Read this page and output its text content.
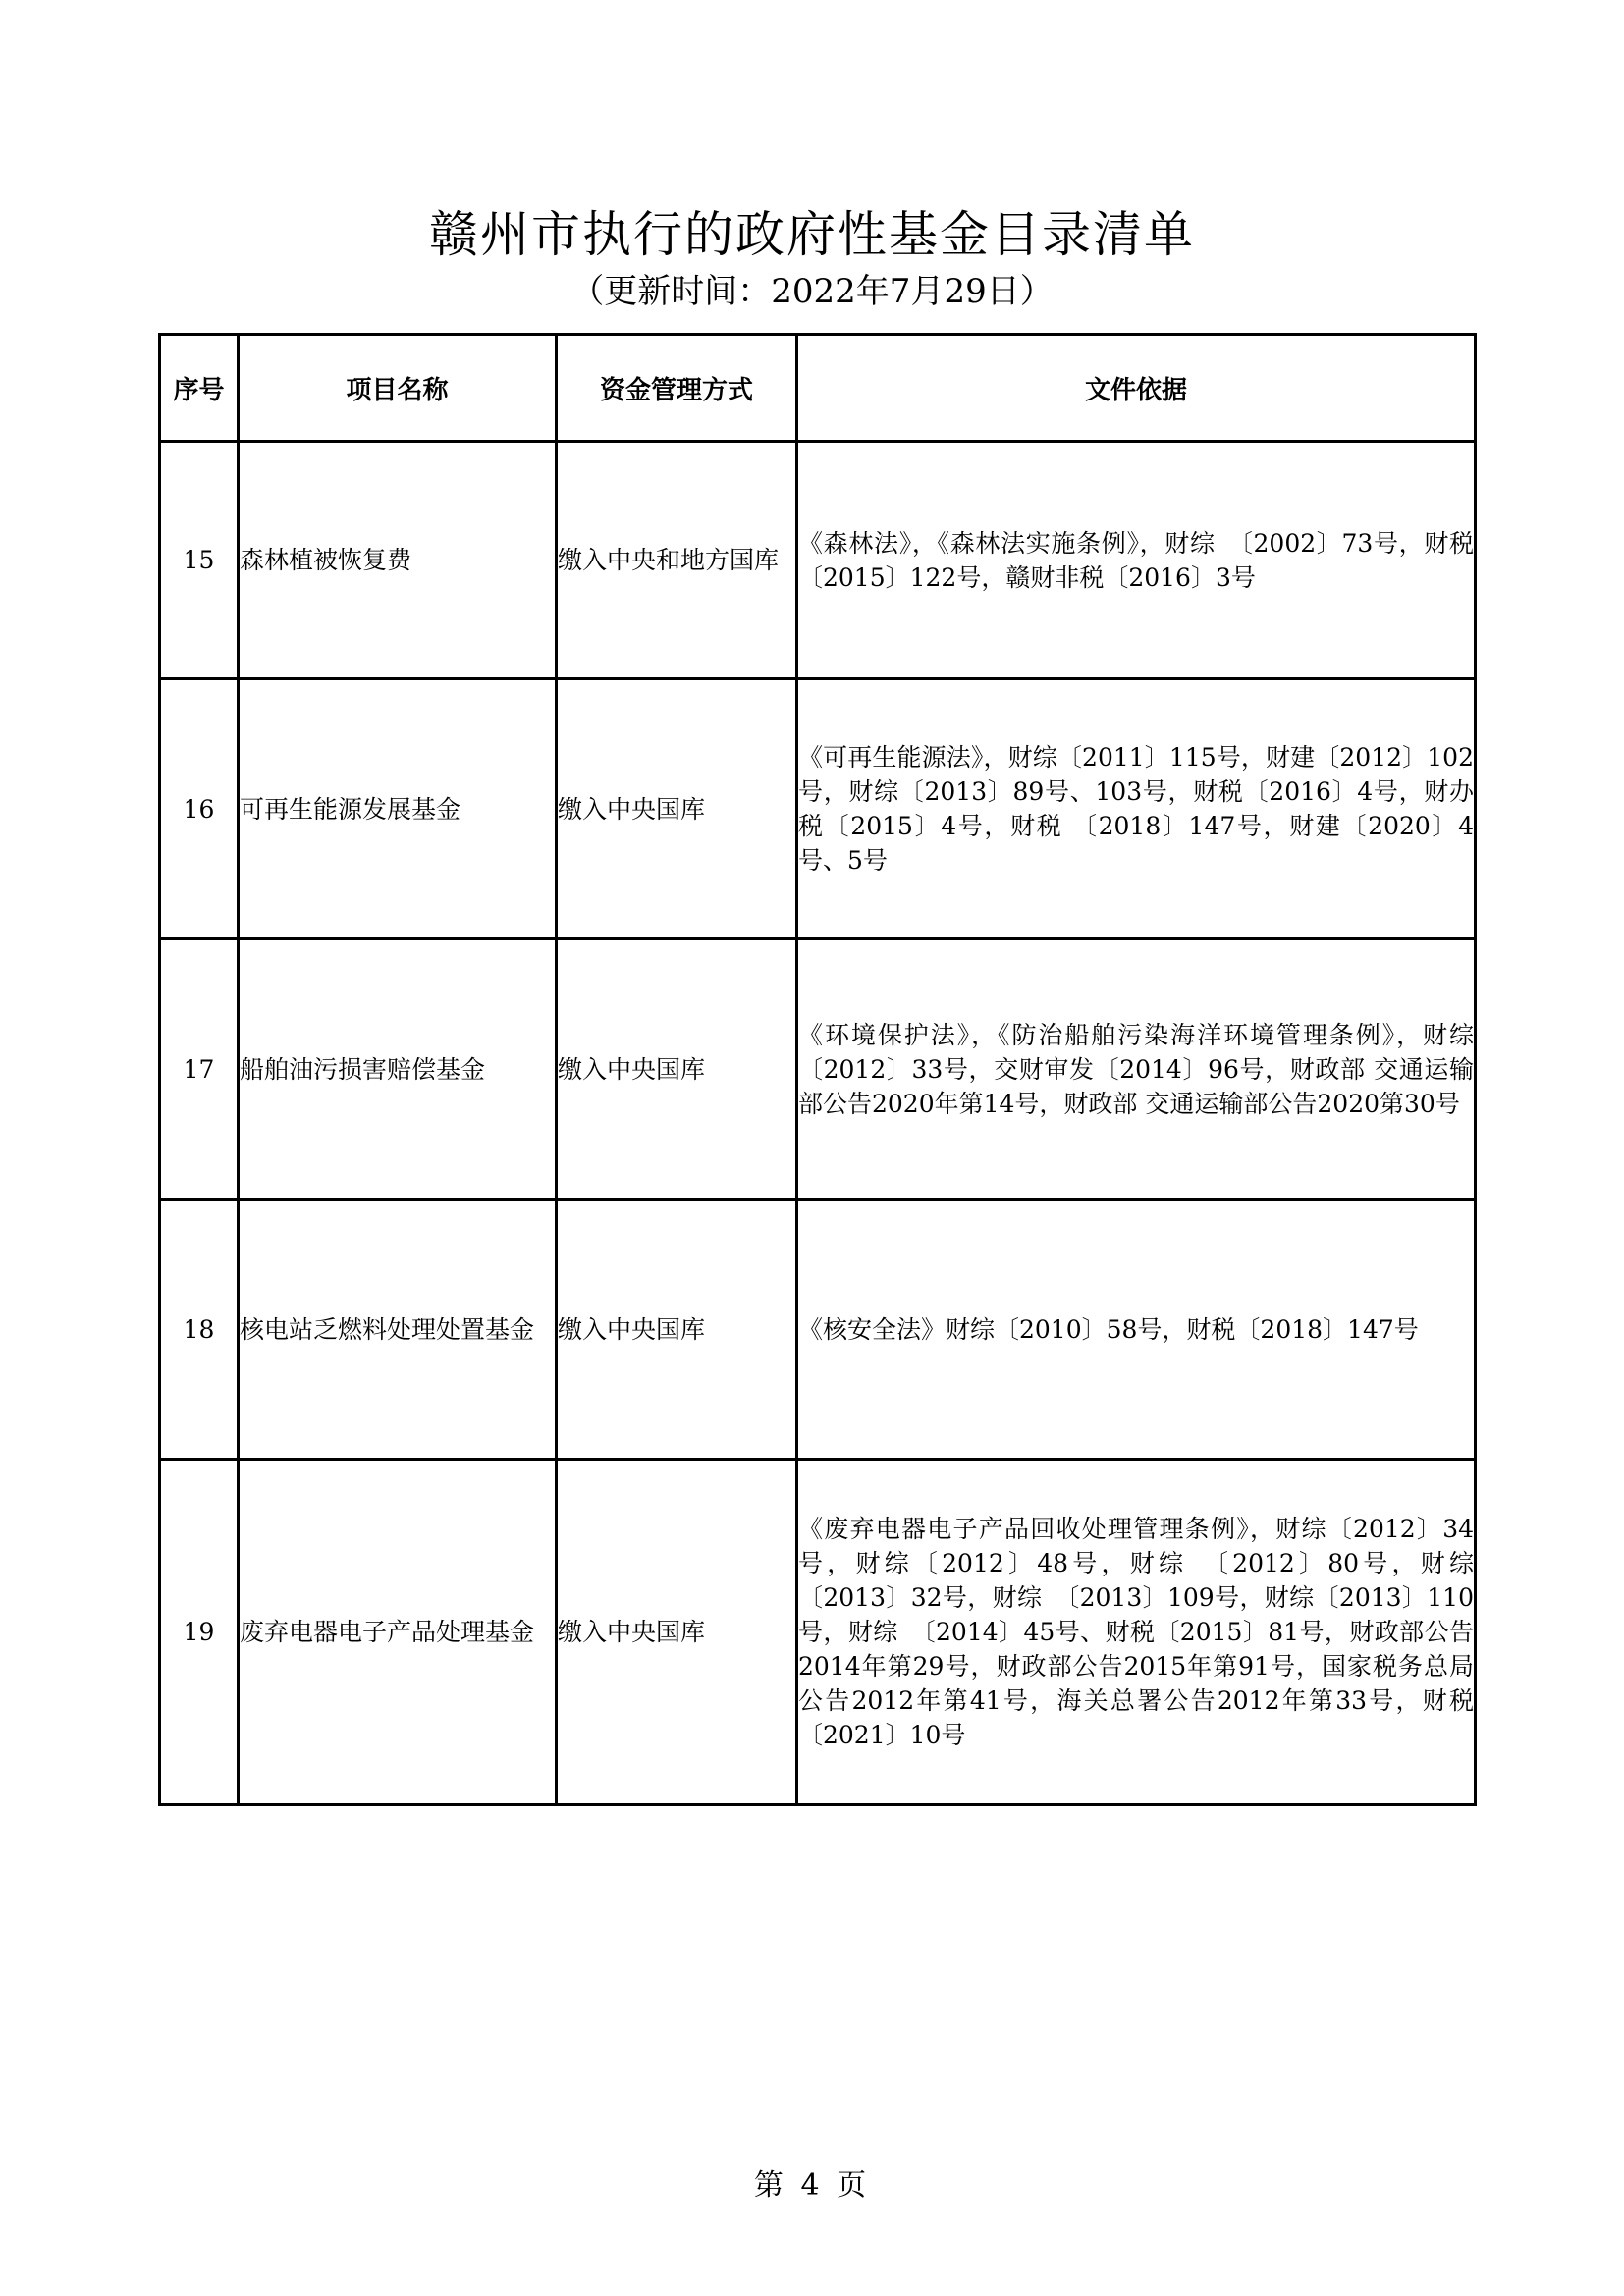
赣州市执行的政府性基金目录清单
（更新时间：2022年7月29日）
序号	项目名称	资金管理方式	文件依据
15	森林植被恢复费	缴入中央和地方国库	《森林法》，《森林法实施条例》，财综　〔2002〕73号，财税〔2015〕122号，赣财非税〔2016〕3号
16	可再生能源发展基金	缴入中央国库	《可再生能源法》，财综〔2011〕115号，财建〔2012〕102号，财综〔2013〕89号、103号，财税〔2016〕4号，财办税〔2015〕4号，财税 〔2018〕147号，财建〔2020〕4号、5号
17	船舶油污损害赔偿基金	缴入中央国库	《环境保护法》，《防治船舶污染海洋环境管理条例》，财综〔2012〕33号，交财审发〔2014〕96号，财政部 交通运输部公告2020年第14号，财政部 交通运输部公告2020第30号
18	核电站乏燃料处理处置基金	缴入中央国库	《核安全法》财综〔2010〕58号，财税〔2018〕147号
19	废弃电器电子产品处理基金	缴入中央国库	《废弃电器电子产品回收处理管理条例》，财综〔2012〕34号，财综〔2012〕48号，财综　〔2012〕80号，财综〔2013〕32号，财综　〔2013〕109号，财综〔2013〕110号，财综　〔2014〕45号、财税〔2015〕81号，财政部公告2014年第29号，财政部公告2015年第91号，国家税务总局公告2012年第41号，海关总署公告2012年第33号，财税〔2021〕10号
第 4 页
